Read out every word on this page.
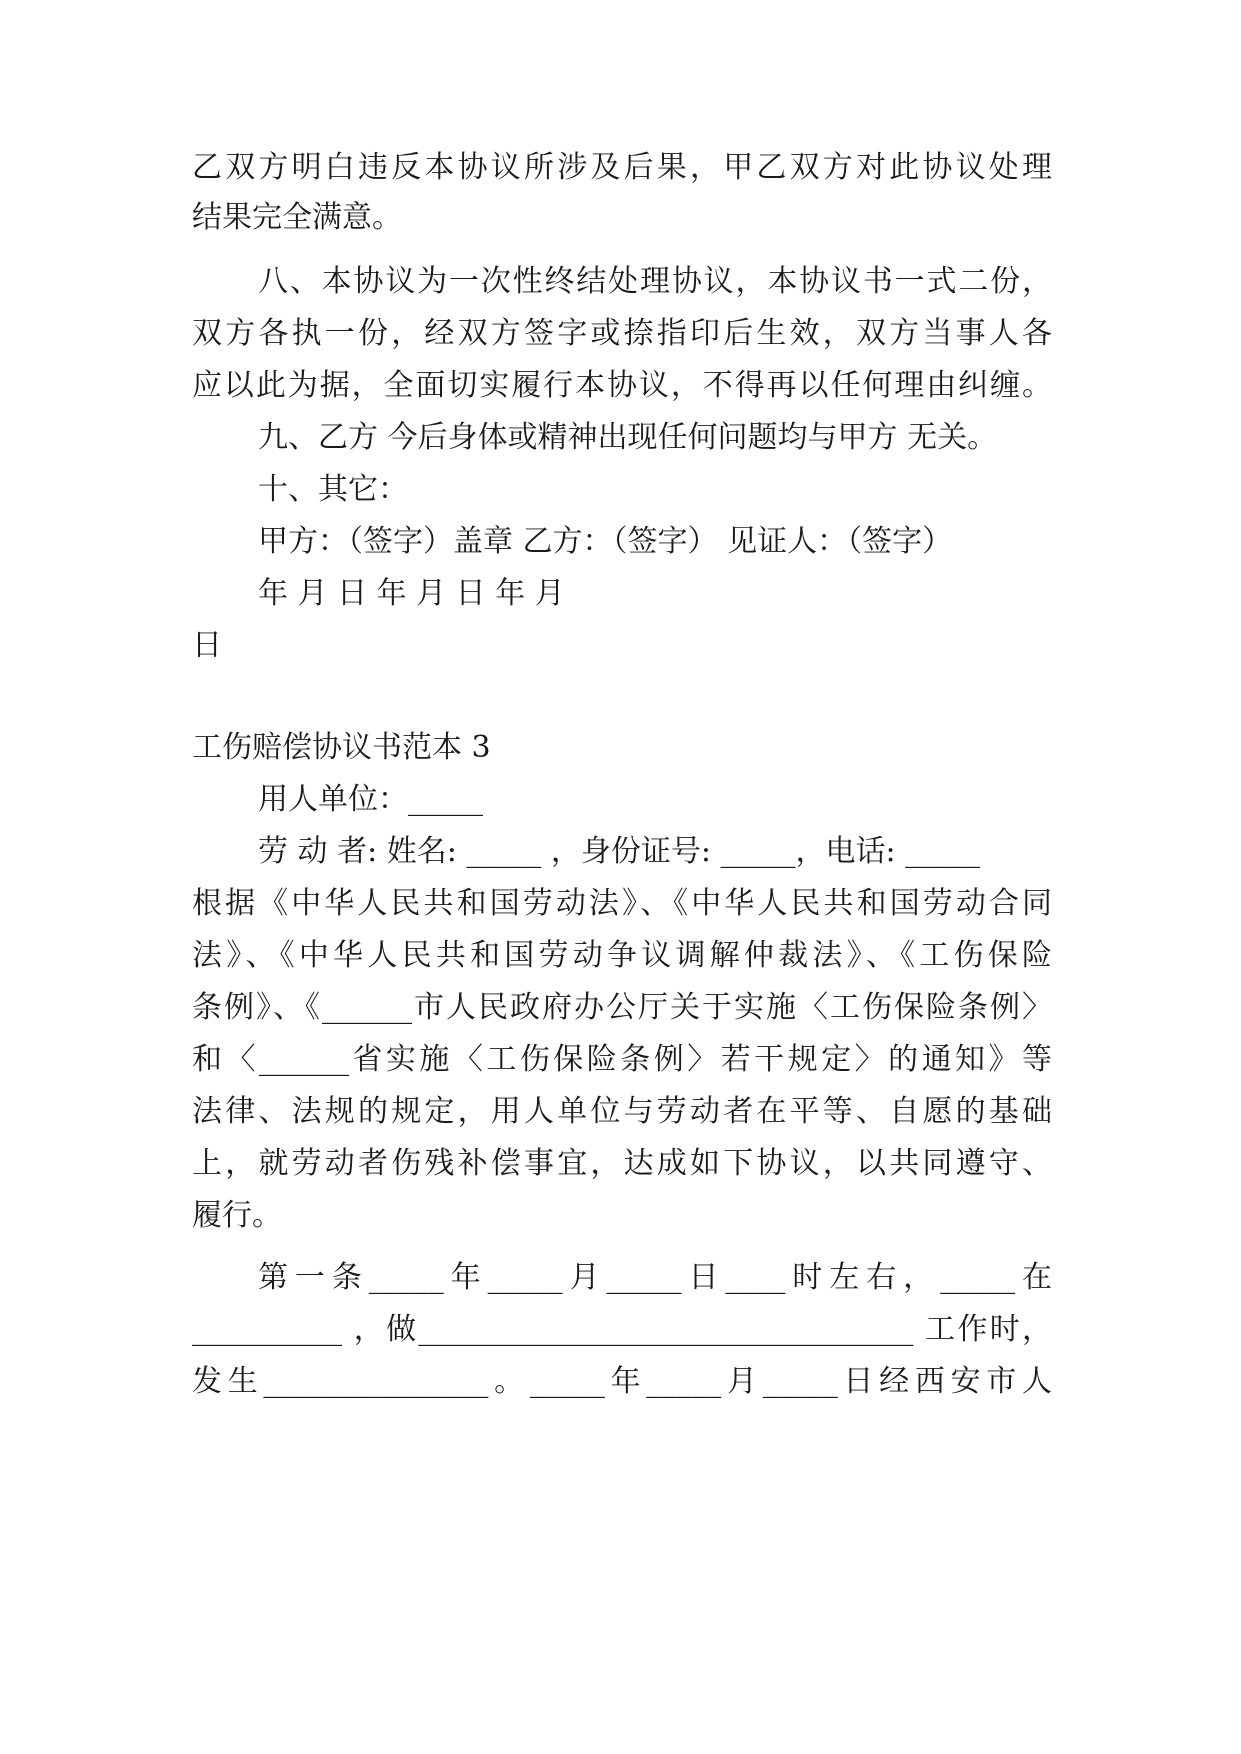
乙双方明白违反本协议所涉及后果，甲乙双方对此协议处理
结果完全满意。
八、本协议为一次性终结处理协议，本协议书一式二份，
双方各执一份，经双方签字或捺指印后生效，双方当事人各
应以此为据，全面切实履行本协议，不得再以任何理由纠缠。
九、乙方 今后身体或精神出现任何问题均与甲方 无关。
十、其它：
甲方：（签字）盖章 乙方：（签字） 见证人：（签字）
年 月 日 年 月 日 年 月
日
工伤赔偿协议书范本 3
用人单位：_____
劳 动 者: 姓名: _____ ，身份证号: _____，电话: _____
根据《中华人民共和国劳动法》、《中华人民共和国劳动合同
法》、《中华人民共和国劳动争议调解仲裁法》、《工伤保险
条例》、《______市人民政府办公厅关于实施〈工伤保险条例〉
和〈______省实施〈工伤保险条例〉若干规定〉的通知》等
法律、法规的规定，用人单位与劳动者在平等、自愿的基础
上，就劳动者伤残补偿事宜，达成如下协议，以共同遵守、
履行。
第一条_____年_____月_____日____时左右，_____在
__________ ，做_________________________________ 工作时，
发生_______________。_____年_____月_____日经西安市人
